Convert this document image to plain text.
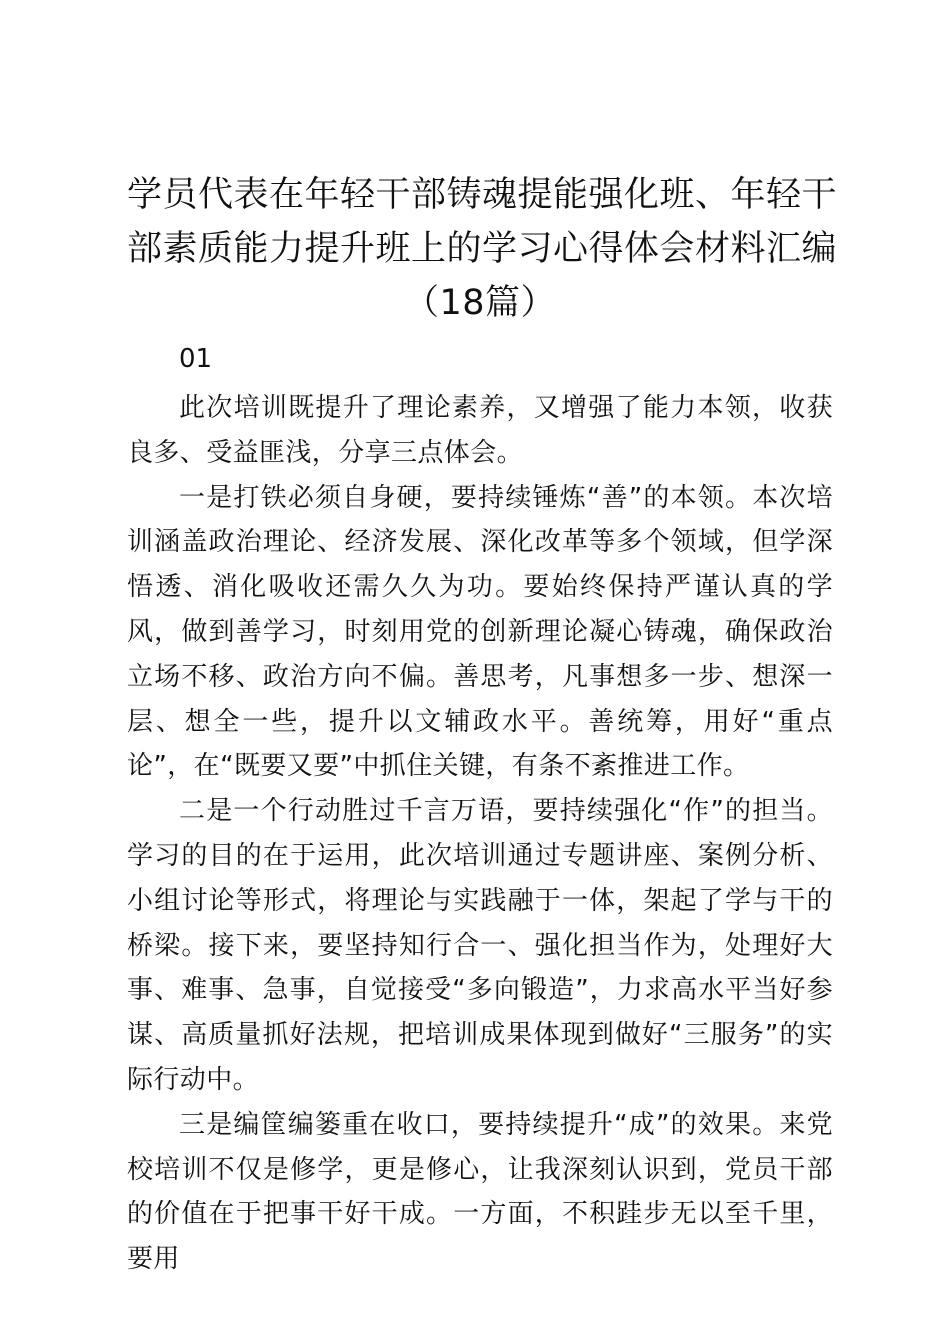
学员代表在年轻干部铸魂提能强化班、年轻干
部素质能力提升班上的学习心得体会材料汇编
（18篇）
01

此次培训既提升了理论素养，又增强了能力本领，收获良多、受益匪浅，分享三点体会。

一是打铁必须自身硬，要持续锤炼“善”的本领。本次培训涵盖政治理论、经济发展、深化改革等多个领域，但学深悟透、消化吸收还需久久为功。要始终保持严谨认真的学风，做到善学习，时刻用党的创新理论凝心铸魂，确保政治立场不移、政治方向不偏。善思考，凡事想多一步、想深一层、想全一些，提升以文辅政水平。善统筹，用好“重点论”，在“既要又要”中抓住关键，有条不紊推进工作。

二是一个行动胜过千言万语，要持续强化“作”的担当。学习的目的在于运用，此次培训通过专题讲座、案例分析、小组讨论等形式，将理论与实践融于一体，架起了学与干的桥梁。接下来，要坚持知行合一、强化担当作为，处理好大事、难事、急事，自觉接受“多向锻造”，力求高水平当好参谋、高质量抓好法规，把培训成果体现到做好“三服务”的实际行动中。

三是编筐编篓重在收口，要持续提升“成”的效果。来党校培训不仅是修学，更是修心，让我深刻认识到，党员干部的价值在于把事干好干成。一方面，不积跬步无以至千里，要用
